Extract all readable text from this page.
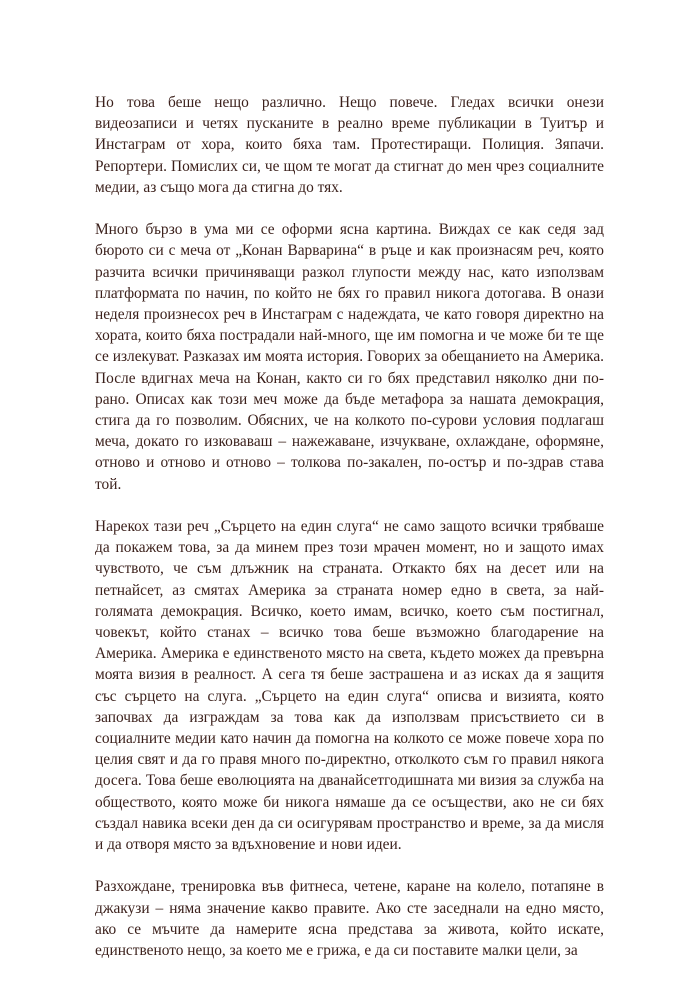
Но това беше нещо различно. Нещо повече. Гледах всички онези видеозаписи и четях пусканите в реално време публикации в Туитър и Инстаграм от хора, които бяха там. Протестиращи. Полиция. Зяпачи. Репортери. Помислих си, че щом те могат да стигнат до мен чрез социалните медии, аз също мога да стигна до тях.

Много бързо в ума ми се оформи ясна картина. Виждах се как седя зад бюрото си с меча от „Конан Варварина“ в ръце и как произнасям реч, която разчита всички причиняващи разкол глупости между нас, като използвам платформата по начин, по който не бях го правил никога дотогава. В онази неделя произнесох реч в Инстаграм с надеждата, че като говоря директно на хората, които бяха пострадали най-много, ще им помогна и че може би те ще се излекуват. Разказах им моята история. Говорих за обещанието на Америка. После вдигнах меча на Конан, както си го бях представил няколко дни по-рано. Описах как този меч може да бъде метафора за нашата демокрация, стига да го позволим. Обясних, че на колкото по-сурови условия подлагаш меча, докато го изковаваш – нажежаване, изчукване, охлаждане, оформяне, отново и отново и отново – толкова по-закален, по-остър и по-здрав става той.

Нарекох тази реч „Сърцето на един слуга“ не само защото всички трябваше да покажем това, за да минем през този мрачен момент, но и защото имах чувството, че съм длъжник на страната. Откакто бях на десет или на петнайсет, аз смятах Америка за страната номер едно в света, за най-голямата демокрация. Всичко, което имам, всичко, което съм постигнал, човекът, който станах – всичко това беше възможно благодарение на Америка. Америка е единственото място на света, където можех да превърна моята визия в реалност. А сега тя беше застрашена и аз исках да я защитя със сърцето на слуга. „Сърцето на един слуга“ описва и визията, която започвах да изграждам за това как да използвам присъствието си в социалните медии като начин да помогна на колкото се може повече хора по целия свят и да го правя много по-директно, отколкото съм го правил някога досега. Това беше еволюцията на дванайсетгодишната ми визия за служба на обществото, която може би никога нямаше да се осъществи, ако не си бях създал навика всеки ден да си осигурявам пространство и време, за да мисля и да отворя място за вдъхновение и нови идеи.

Разхождане, тренировка във фитнеса, четене, каране на колело, потапяне в джакузи – няма значение какво правите. Ако сте заседнали на едно място, ако се мъчите да намерите ясна представа за живота, който искате, единственото нещо, за което ме е грижа, е да си поставите малки цели, за
